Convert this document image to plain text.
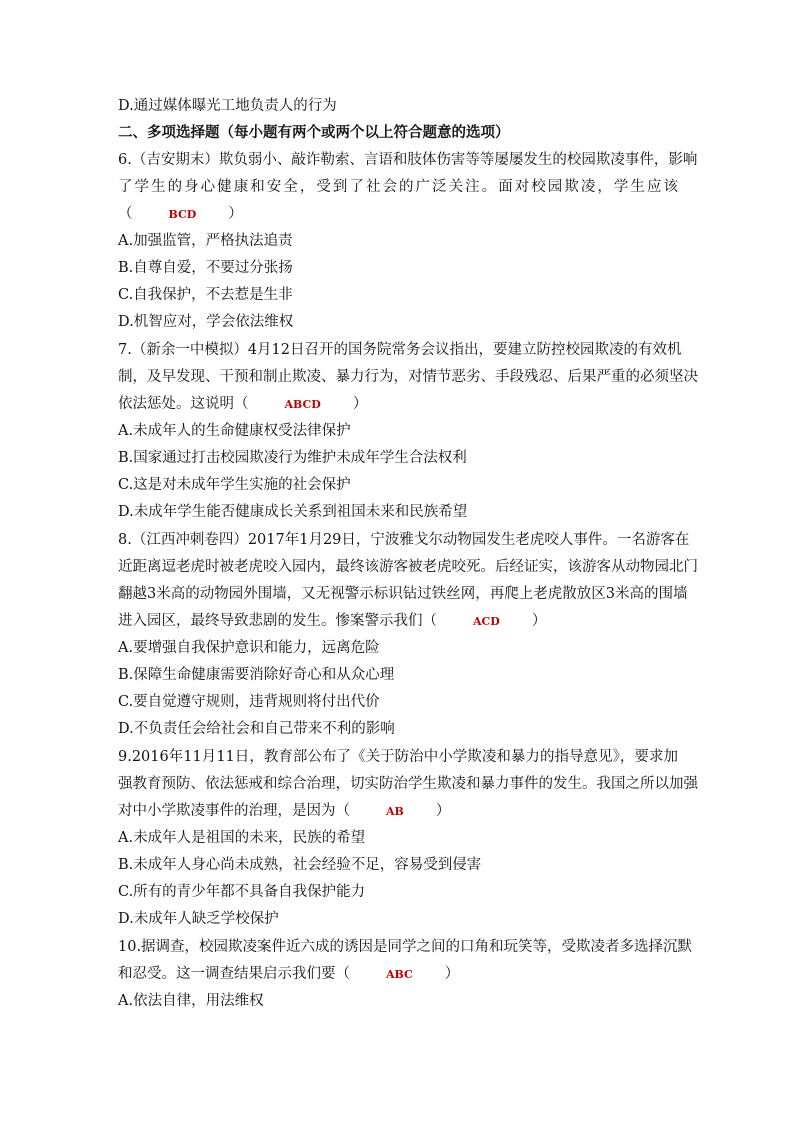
D.通过媒体曝光工地负责人的行为
二、多项选择题（每小题有两个或两个以上符合题意的选项）
6.（吉安期末）欺负弱小、敲诈勒索、言语和肢体伤害等等屡屡发生的校园欺凌事件，影响
了学生的身心健康和安全，受到了社会的广泛关注。面对校园欺凌，学生应该
（	BCD ）
A.加强监管，严格执法追责
B.自尊自爱，不要过分张扬
C.自我保护，不去惹是生非
D.机智应对，学会依法维权
7.（新余一中模拟）4月12日召开的国务院常务会议指出，要建立防控校园欺凌的有效机
制，及早发现、干预和制止欺凌、暴力行为，对情节恶劣、手段残忍、后果严重的必须坚决
依法惩处。这说明（	ABCD ）
A.未成年人的生命健康权受法律保护
B.国家通过打击校园欺凌行为维护未成年学生合法权利
C.这是对未成年学生实施的社会保护
D.未成年学生能否健康成长关系到祖国未来和民族希望
8.（江西冲刺卷四）2017年1月29日，宁波雅戈尔动物园发生老虎咬人事件。一名游客在
近距离逗老虎时被老虎咬入园内，最终该游客被老虎咬死。后经证实，该游客从动物园北门
翻越3米高的动物园外围墙，又无视警示标识钻过铁丝网，再爬上老虎散放区3米高的围墙
进入园区，最终导致悲剧的发生。惨案警示我们（	ACD ）
A.要增强自我保护意识和能力，远离危险
B.保障生命健康需要消除好奇心和从众心理
C.要自觉遵守规则，违背规则将付出代价
D.不负责任会给社会和自己带来不利的影响
9.2016年11月11日，教育部公布了《关于防治中小学欺凌和暴力的指导意见》，要求加
强教育预防、依法惩戒和综合治理，切实防治学生欺凌和暴力事件的发生。我国之所以加强
对中小学欺凌事件的治理，是因为（	AB ）
A.未成年人是祖国的未来，民族的希望
B.未成年人身心尚未成熟，社会经验不足，容易受到侵害
C.所有的青少年都不具备自我保护能力
D.未成年人缺乏学校保护
10.据调查，校园欺凌案件近六成的诱因是同学之间的口角和玩笑等，受欺凌者多选择沉默
和忍受。这一调查结果启示我们要（	ABC ）
A.依法自律，用法维权
